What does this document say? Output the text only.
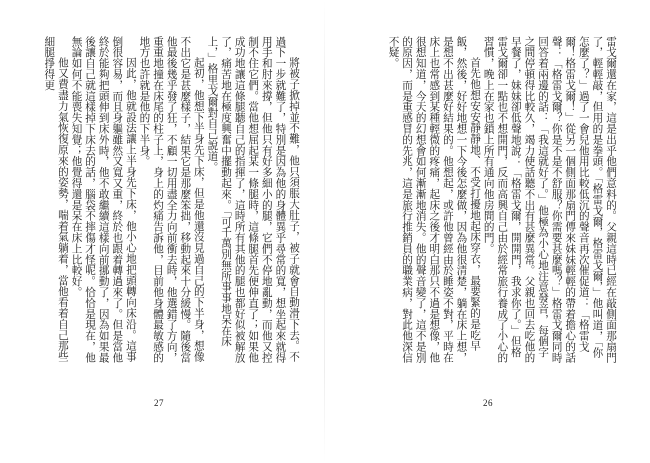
將被子掀掉並不難，他只須脹大肚子，被子就會自動滑下去。不過下一步就難了，特別是因為他的身體異乎尋常的寬，想坐起來就得用手和肘來撐，但他只有好多細小的腿，它們不停地亂動，而他又控制不住它們。當他想屈起某一條腿時，這條腿首先便伸直了；如果他成功地讓這條腿聽自己的指揮了，這時所有其他的腿也都好似被解放了，痛苦地在極度興奮中擺動起來。「可千萬別無所事事地呆在床上，」格里戈爾對自己說道。

起初，他想下半身先下床，但是他還沒見過自己的下半身，想像不出它是甚麼樣子，結果它是那麼笨拙，移動起來十分緩慢。隨後當他最後幾乎發了狂，不顧一切用盡全力向前衝去時，他選錯了方向，重重地撞在床尾的柱子上，身上的灼痛告訴他，目前他身體最敏感的地方也許就是他的下半身。

因此，他就設法讓上半身先下床，他小心地把頭轉向床沿。這事倒很容易，而且身軀雖然又寬又重，終於也跟着轉過來了。但是當他終於能夠把頭伸到床外時，他不敢繼續這樣向前挪動了，因為如果最後讓自己就這樣掉下床去的話，腦袋不摔傷才怪呢。恰恰是現在，他無論如何不能喪失知覺；他覺得還是呆在床上比較好。

他又費盡力氣恢復原來的姿勢，喘着氣躺着，當他看着自己那些細腿掙得更

27

雷戈爾還在家，這是出乎他們意料的。父親這時已經在敲側面那扇門了，輕輕敲，但用的是拳頭。「格雷戈爾，格雷戈爾，」他叫道，「你怎麼了？」過了一會兒他用比較低沉的聲音再次催促道：「格雷戈爾！格雷戈爾！」從另一個側面那扇門傳來妹妹輕輕的帶着擔心的話聲：「格雷戈爾？你是不是不舒服？你需要甚麼嗎？」格雷戈爾同時回答着兩邊的話：「我這就好了。」他極為小心地注意發音，每個字之間停頓得比較久，竭力使話聽不出有甚麼異常。父親也回去吃他的早餐了，妹妹卻低聲地說：「格雷戈爾，開開門，我求你了。」但格雷戈爾卻一點也不想開門，反而高興自己由於經常旅行養成了小心的習慣，晚上在家也鎖上所有通向他房間的門。

首先他想安安靜靜地、不受打擾地起床穿衣，最要緊的是吃早飯，然後，好好地想一下今後怎麼做，因為他很清楚，躺在床上想，是想不出甚麼好結果的。他想起，或許他曾經由於睡姿不對，平時在床上也常感到某種輕微的疼痛，起床之後才明白那只不過是想像，他很想知道，今天的幻想會如何漸漸地消失。他的聲音變了，這不是別的原因，而是重感冒的先兆，這是旅行推銷員的職業病，對此他深信不疑。

26
